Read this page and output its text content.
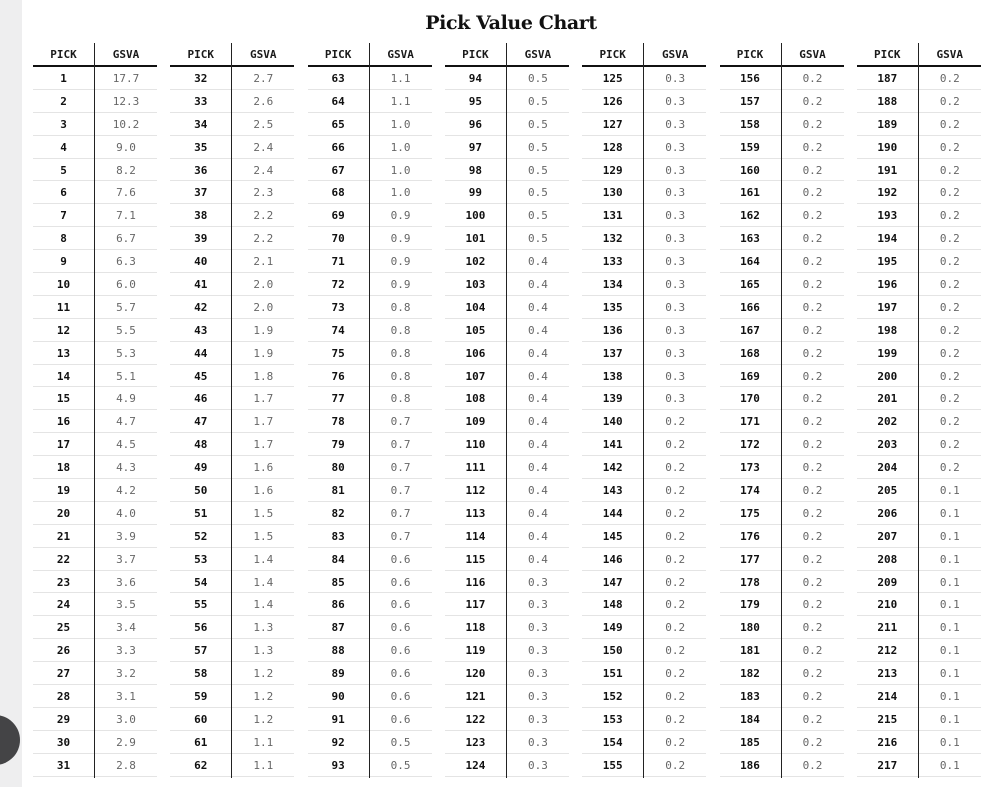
Pick Value Chart
PICK	GSVA
1	17.7
2	12.3
3	10.2
4	9.0
5	8.2
6	7.6
7	7.1
8	6.7
9	6.3
10	6.0
11	5.7
12	5.5
13	5.3
14	5.1
15	4.9
16	4.7
17	4.5
18	4.3
19	4.2
20	4.0
21	3.9
22	3.7
23	3.6
24	3.5
25	3.4
26	3.3
27	3.2
28	3.1
29	3.0
30	2.9
31	2.8
PICK	GSVA
32	2.7
33	2.6
34	2.5
35	2.4
36	2.4
37	2.3
38	2.2
39	2.2
40	2.1
41	2.0
42	2.0
43	1.9
44	1.9
45	1.8
46	1.7
47	1.7
48	1.7
49	1.6
50	1.6
51	1.5
52	1.5
53	1.4
54	1.4
55	1.4
56	1.3
57	1.3
58	1.2
59	1.2
60	1.2
61	1.1
62	1.1
PICK	GSVA
63	1.1
64	1.1
65	1.0
66	1.0
67	1.0
68	1.0
69	0.9
70	0.9
71	0.9
72	0.9
73	0.8
74	0.8
75	0.8
76	0.8
77	0.8
78	0.7
79	0.7
80	0.7
81	0.7
82	0.7
83	0.7
84	0.6
85	0.6
86	0.6
87	0.6
88	0.6
89	0.6
90	0.6
91	0.6
92	0.5
93	0.5
PICK	GSVA
94	0.5
95	0.5
96	0.5
97	0.5
98	0.5
99	0.5
100	0.5
101	0.5
102	0.4
103	0.4
104	0.4
105	0.4
106	0.4
107	0.4
108	0.4
109	0.4
110	0.4
111	0.4
112	0.4
113	0.4
114	0.4
115	0.4
116	0.3
117	0.3
118	0.3
119	0.3
120	0.3
121	0.3
122	0.3
123	0.3
124	0.3
PICK	GSVA
125	0.3
126	0.3
127	0.3
128	0.3
129	0.3
130	0.3
131	0.3
132	0.3
133	0.3
134	0.3
135	0.3
136	0.3
137	0.3
138	0.3
139	0.3
140	0.2
141	0.2
142	0.2
143	0.2
144	0.2
145	0.2
146	0.2
147	0.2
148	0.2
149	0.2
150	0.2
151	0.2
152	0.2
153	0.2
154	0.2
155	0.2
PICK	GSVA
156	0.2
157	0.2
158	0.2
159	0.2
160	0.2
161	0.2
162	0.2
163	0.2
164	0.2
165	0.2
166	0.2
167	0.2
168	0.2
169	0.2
170	0.2
171	0.2
172	0.2
173	0.2
174	0.2
175	0.2
176	0.2
177	0.2
178	0.2
179	0.2
180	0.2
181	0.2
182	0.2
183	0.2
184	0.2
185	0.2
186	0.2
PICK	GSVA
187	0.2
188	0.2
189	0.2
190	0.2
191	0.2
192	0.2
193	0.2
194	0.2
195	0.2
196	0.2
197	0.2
198	0.2
199	0.2
200	0.2
201	0.2
202	0.2
203	0.2
204	0.2
205	0.1
206	0.1
207	0.1
208	0.1
209	0.1
210	0.1
211	0.1
212	0.1
213	0.1
214	0.1
215	0.1
216	0.1
217	0.1
